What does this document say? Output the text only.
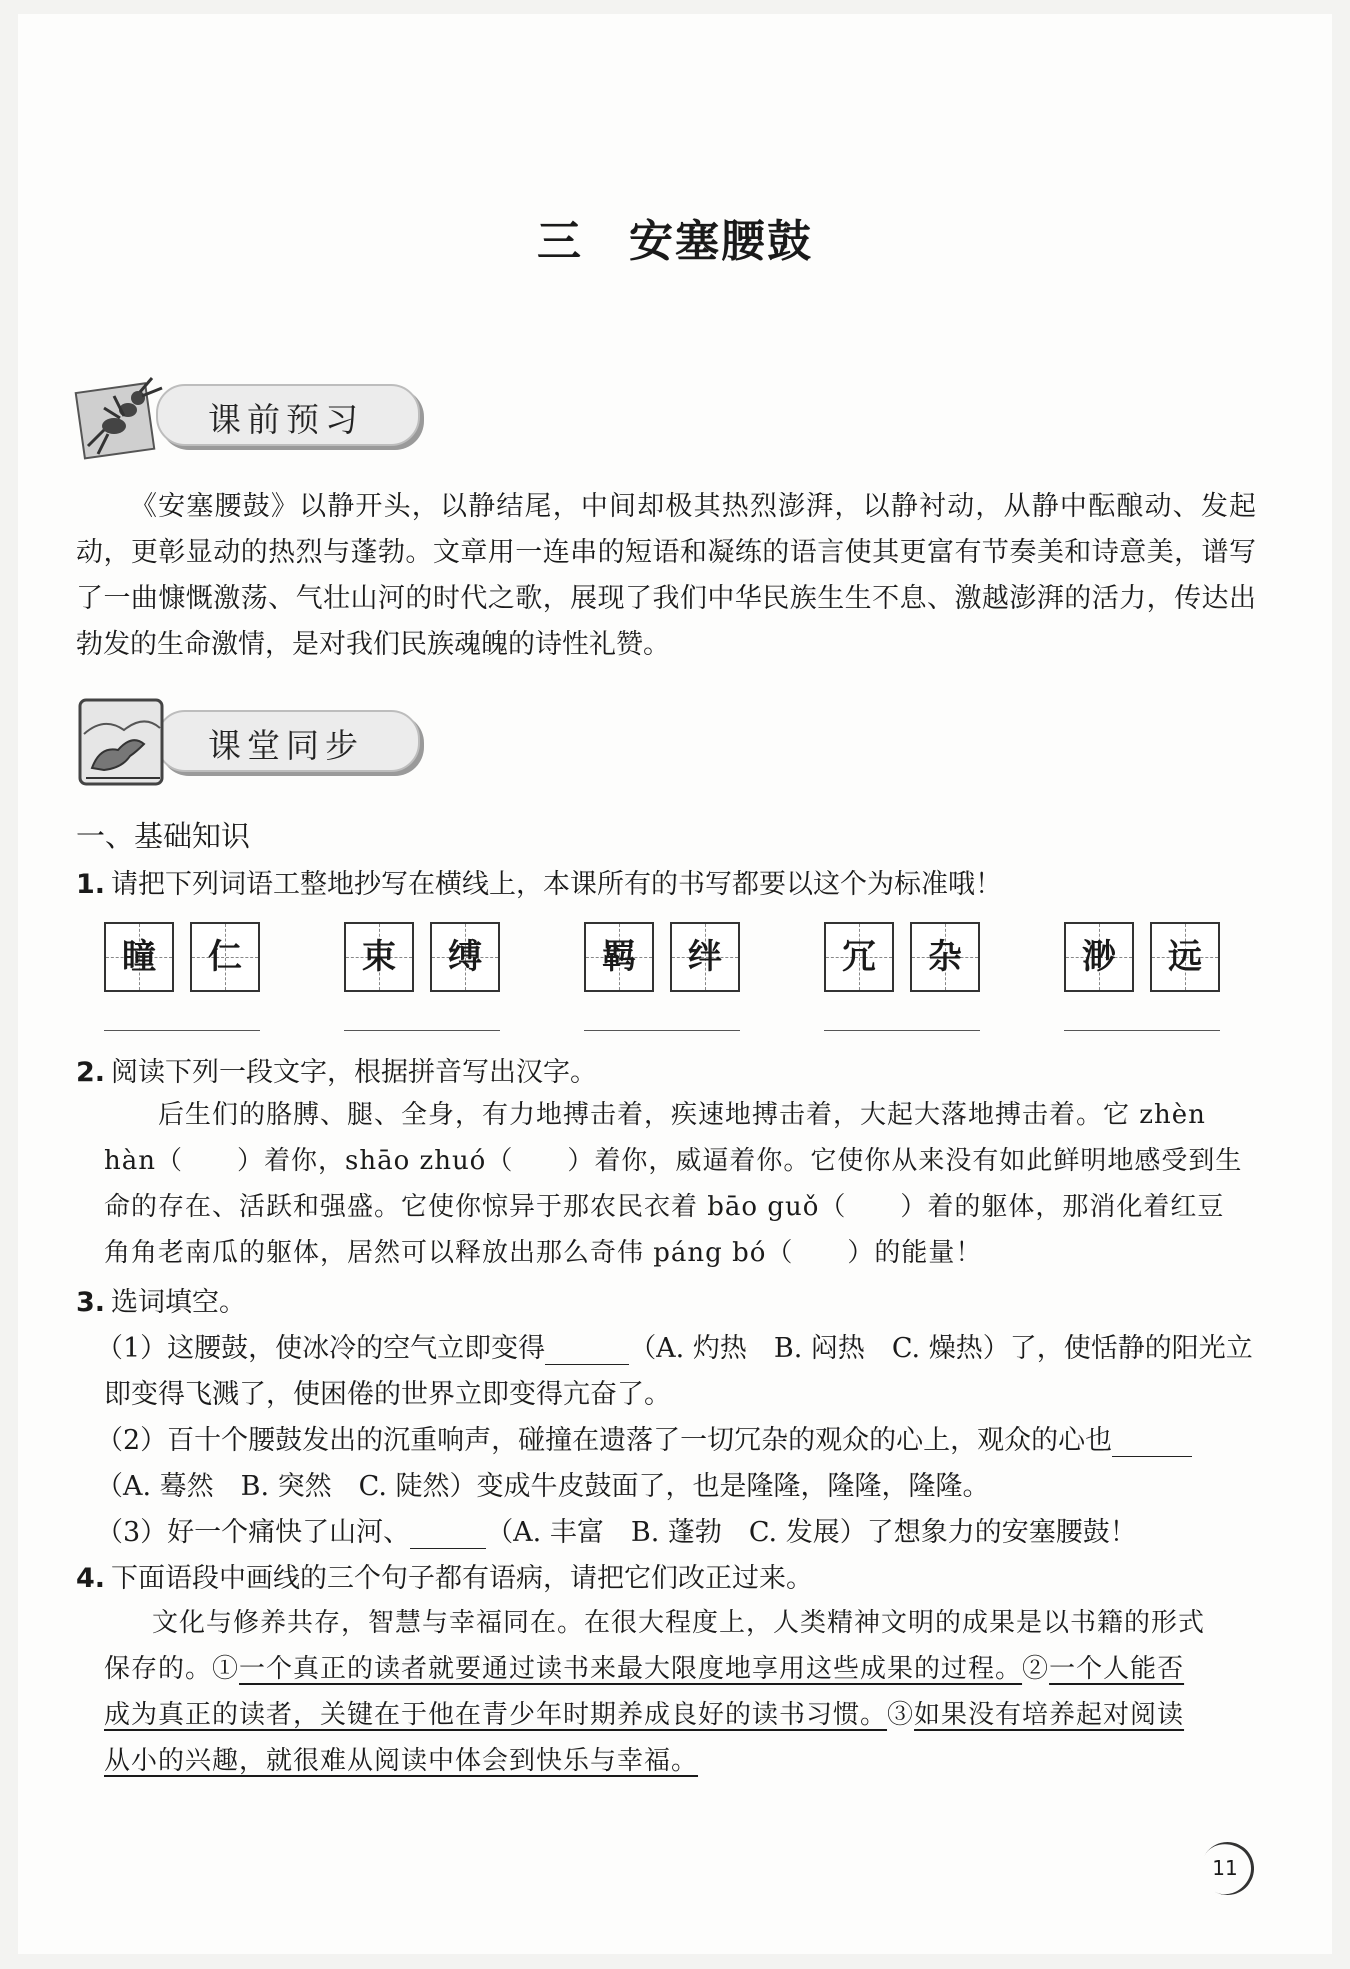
三　安塞腰鼓
课前预习

《安塞腰鼓》以静开头，以静结尾，中间却极其热烈澎湃，以静衬动，从静中酝酿动、发起动，更彰显动的热烈与蓬勃。文章用一连串的短语和凝练的语言使其更富有节奏美和诗意美，谱写了一曲慷慨激荡、气壮山河的时代之歌，展现了我们中华民族生生不息、激越澎湃的活力，传达出勃发的生命激情，是对我们民族魂魄的诗性礼赞。

课堂同步
一、基础知识
1. 请把下列词语工整地抄写在横线上，本课所有的书写都要以这个为标准哦！
瞳	仁	束	缚	羁	绊	冗	杂	渺	远
2. 阅读下列一段文字，根据拼音写出汉字。

后生们的胳膊、腿、全身，有力地搏击着，疾速地搏击着，大起大落地搏击着。它 zhèn

hàn（　　）着你，shāo zhuó（　　）着你，威逼着你。它使你从来没有如此鲜明地感受到生

命的存在、活跃和强盛。它使你惊异于那农民衣着 bāo guǒ（　　）着的躯体，那消化着红豆

角角老南瓜的躯体，居然可以释放出那么奇伟 páng bó（　　）的能量！

3. 选词填空。
（1）这腰鼓，使冰冷的空气立即变得	（A. 灼热　B. 闷热　C. 燥热）了，使恬静的阳光立
即变得飞溅了，使困倦的世界立即变得亢奋了。
（2）百十个腰鼓发出的沉重响声，碰撞在遗落了一切冗杂的观众的心上，观众的心也
（A. 蓦然　B. 突然　C. 陡然）变成牛皮鼓面了，也是隆隆，隆隆，隆隆。
（3）好一个痛快了山河、	（A. 丰富　B. 蓬勃　C. 发展）了想象力的安塞腰鼓！
4. 下面语段中画线的三个句子都有语病，请把它们改正过来。

文化与修养共存，智慧与幸福同在。在很大程度上，人类精神文明的成果是以书籍的形式

保存的。①一个真正的读者就要通过读书来最大限度地享用这些成果的过程。②一个人能否

成为真正的读者，关键在于他在青少年时期养成良好的读书习惯。③如果没有培养起对阅读

从小的兴趣，就很难从阅读中体会到快乐与幸福。

11
